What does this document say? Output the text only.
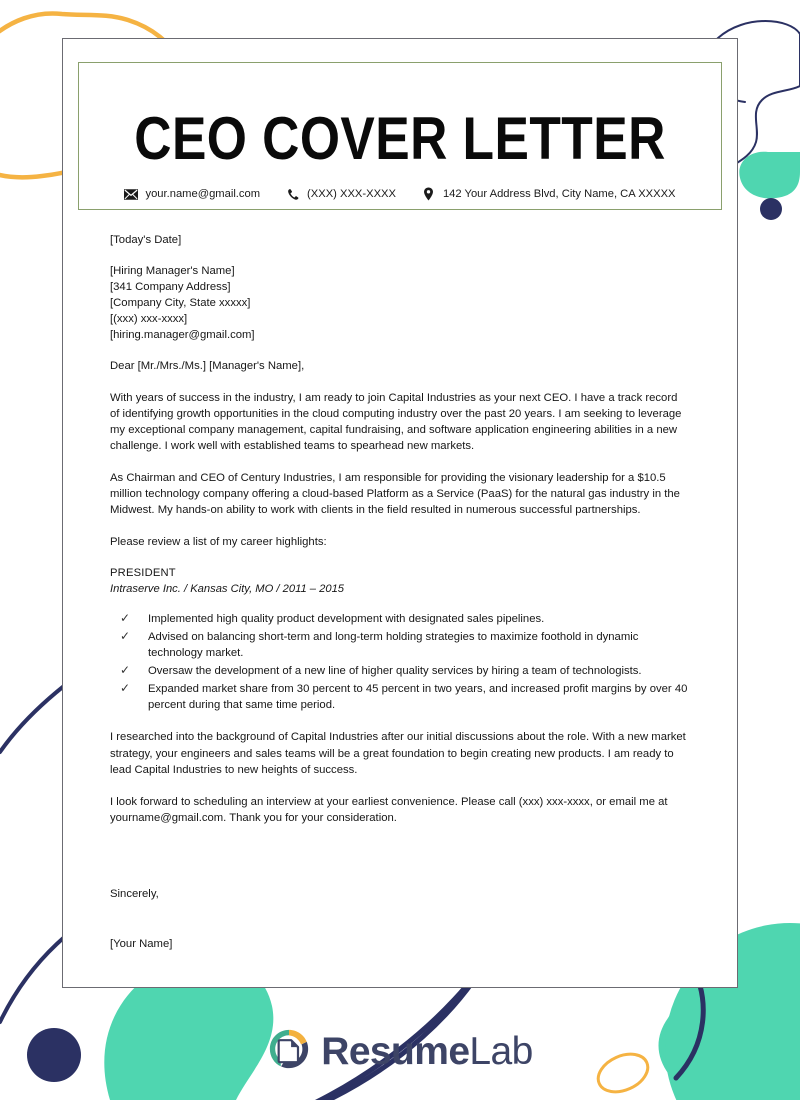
CEO COVER LETTER
your.name@gmail.com	(XXX) XXX-XXXX	142 Your Address Blvd, City Name, CA XXXXX
[Today's Date]
[Hiring Manager's Name]
[341 Company Address]
[Company City, State xxxxx]
[(xxx) xxx-xxxx]
[hiring.manager@gmail.com]
Dear [Mr./Mrs./Ms.] [Manager's Name],

With years of success in the industry, I am ready to join Capital Industries as your next CEO. I have a track record of identifying growth opportunities in the cloud computing industry over the past 20 years. I am seeking to leverage my exceptional company management, capital fundraising, and software application engineering abilities in a new challenge. I work well with established teams to spearhead new markets.

As Chairman and CEO of Century Industries, I am responsible for providing the visionary leadership for a $10.5 million technology company offering a cloud-based Platform as a Service (PaaS) for the natural gas industry in the Midwest. My hands-on ability to work with clients in the field resulted in numerous successful partnerships.

Please review a list of my career highlights:

PRESIDENT
Intraserve Inc. / Kansas City, MO / 2011 – 2015
✓ Implemented high quality product development with designated sales pipelines.
✓ Advised on balancing short-term and long-term holding strategies to maximize foothold in dynamic technology market.
✓ Oversaw the development of a new line of higher quality services by hiring a team of technologists.
✓ Expanded market share from 30 percent to 45 percent in two years, and increased profit margins by over 40 percent during that same time period.

I researched into the background of Capital Industries after our initial discussions about the role. With a new market strategy, your engineers and sales teams will be a great foundation to begin creating new products. I am ready to lead Capital Industries to new heights of success.

I look forward to scheduling an interview at your earliest convenience. Please call (xxx) xxx-xxxx, or email me at yourname@gmail.com. Thank you for your consideration.

Sincerely,
[Your Name]
ResumeLab
